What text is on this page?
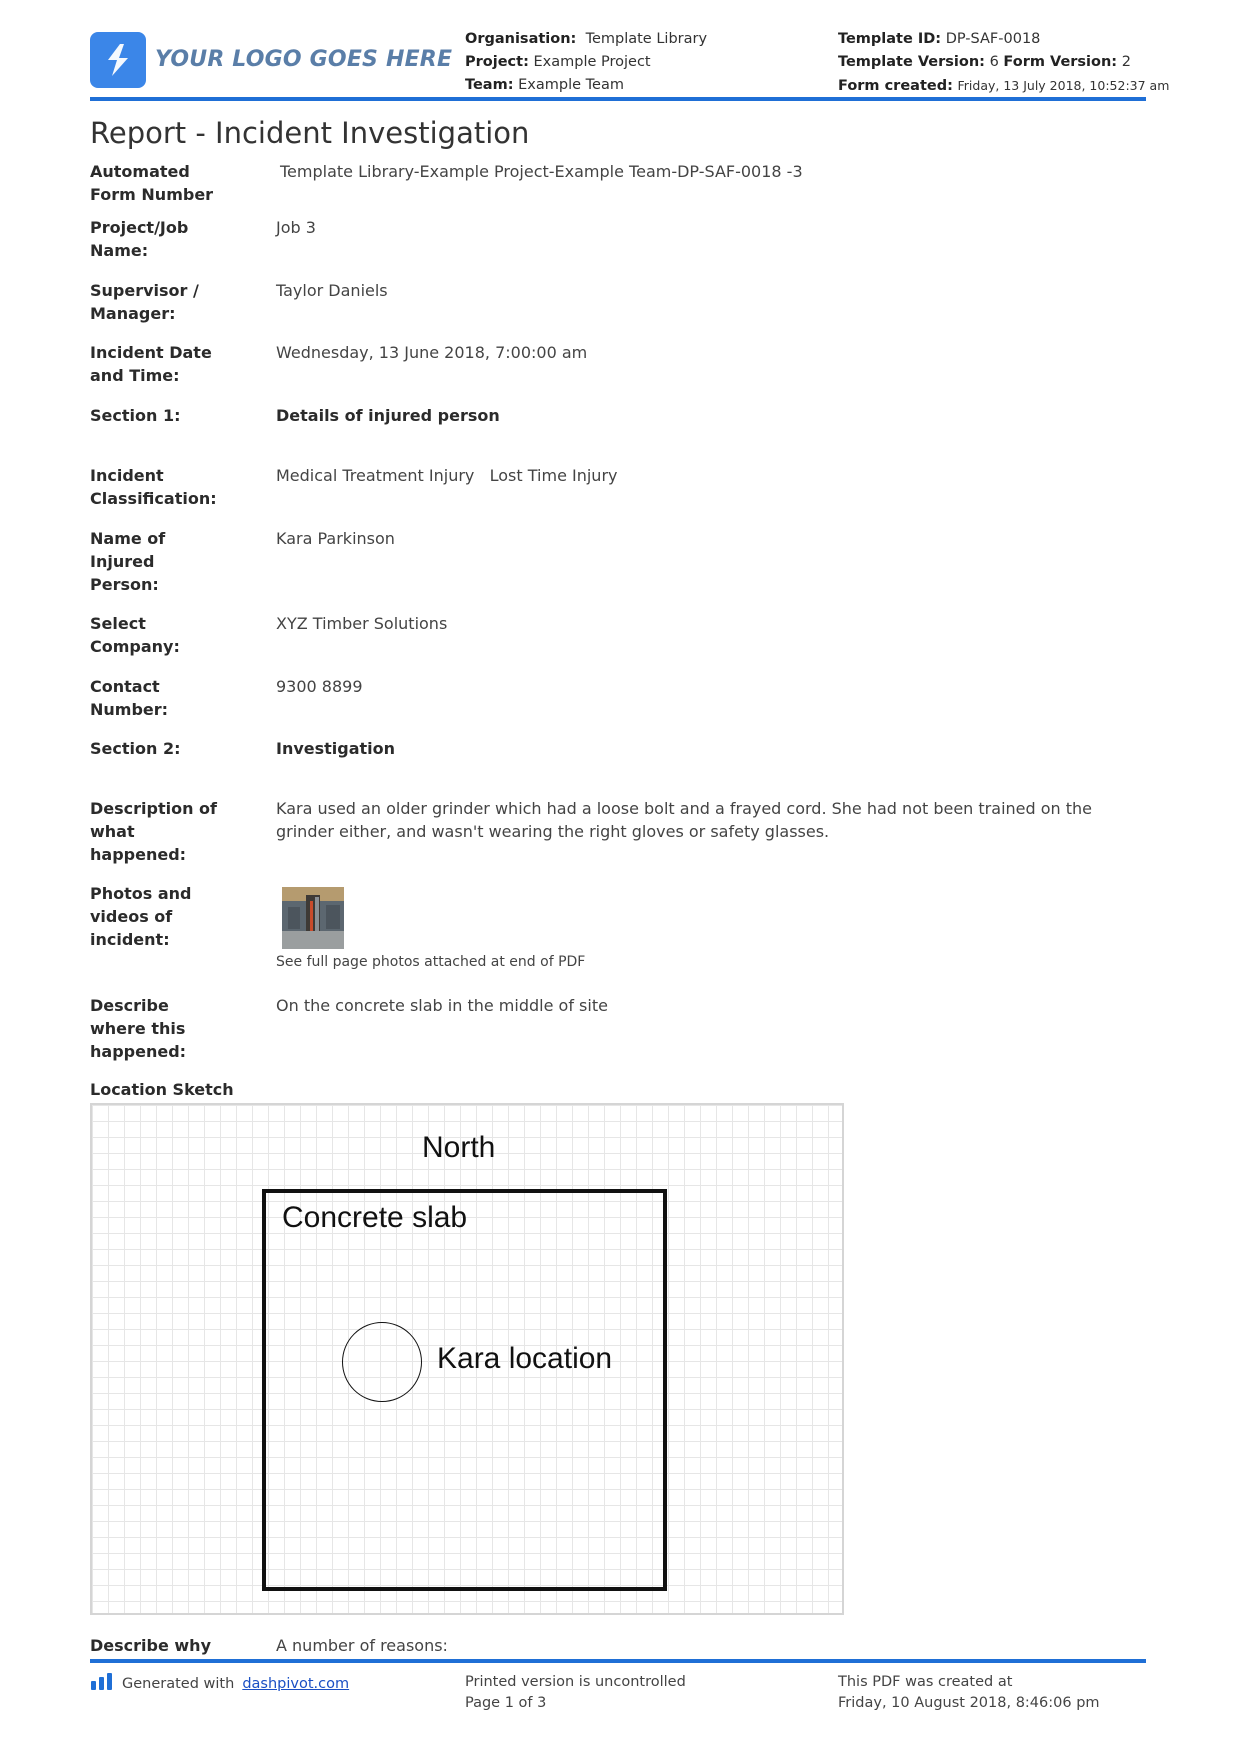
YOUR LOGO GOES HERE
Organisation: Template Library
Project: Example Project
Team: Example Team
Template ID: DP-SAF-0018
Template Version: 6 Form Version: 2
Form created: Friday, 13 July 2018, 10:52:37 am
Report - Incident Investigation
Automated Form Number
Template Library-Example Project-Example Team-DP-SAF-0018 -3
Project/Job Name:
Job 3
Supervisor / Manager:
Taylor Daniels
Incident Date and Time:
Wednesday, 13 June 2018, 7:00:00 am
Section 1:	Details of injured person
Incident Classification:
Medical Treatment Injury   Lost Time Injury
Name of Injured Person:
Kara Parkinson
Select Company:
XYZ Timber Solutions
Contact Number:
9300 8899
Section 2:	Investigation
Description of what happened:
Kara used an older grinder which had a loose bolt and a frayed cord. She had not been trained on the grinder either, and wasn't wearing the right gloves or safety glasses.
Photos and videos of incident:
See full page photos attached at end of PDF
Describe where this happened:
On the concrete slab in the middle of site
Location Sketch
North
Concrete slab
Kara location
Describe why	A number of reasons:
Generated with dashpivot.com	Printed version is uncontrolled
Page 1 of 3
This PDF was created at
Friday, 10 August 2018, 8:46:06 pm
